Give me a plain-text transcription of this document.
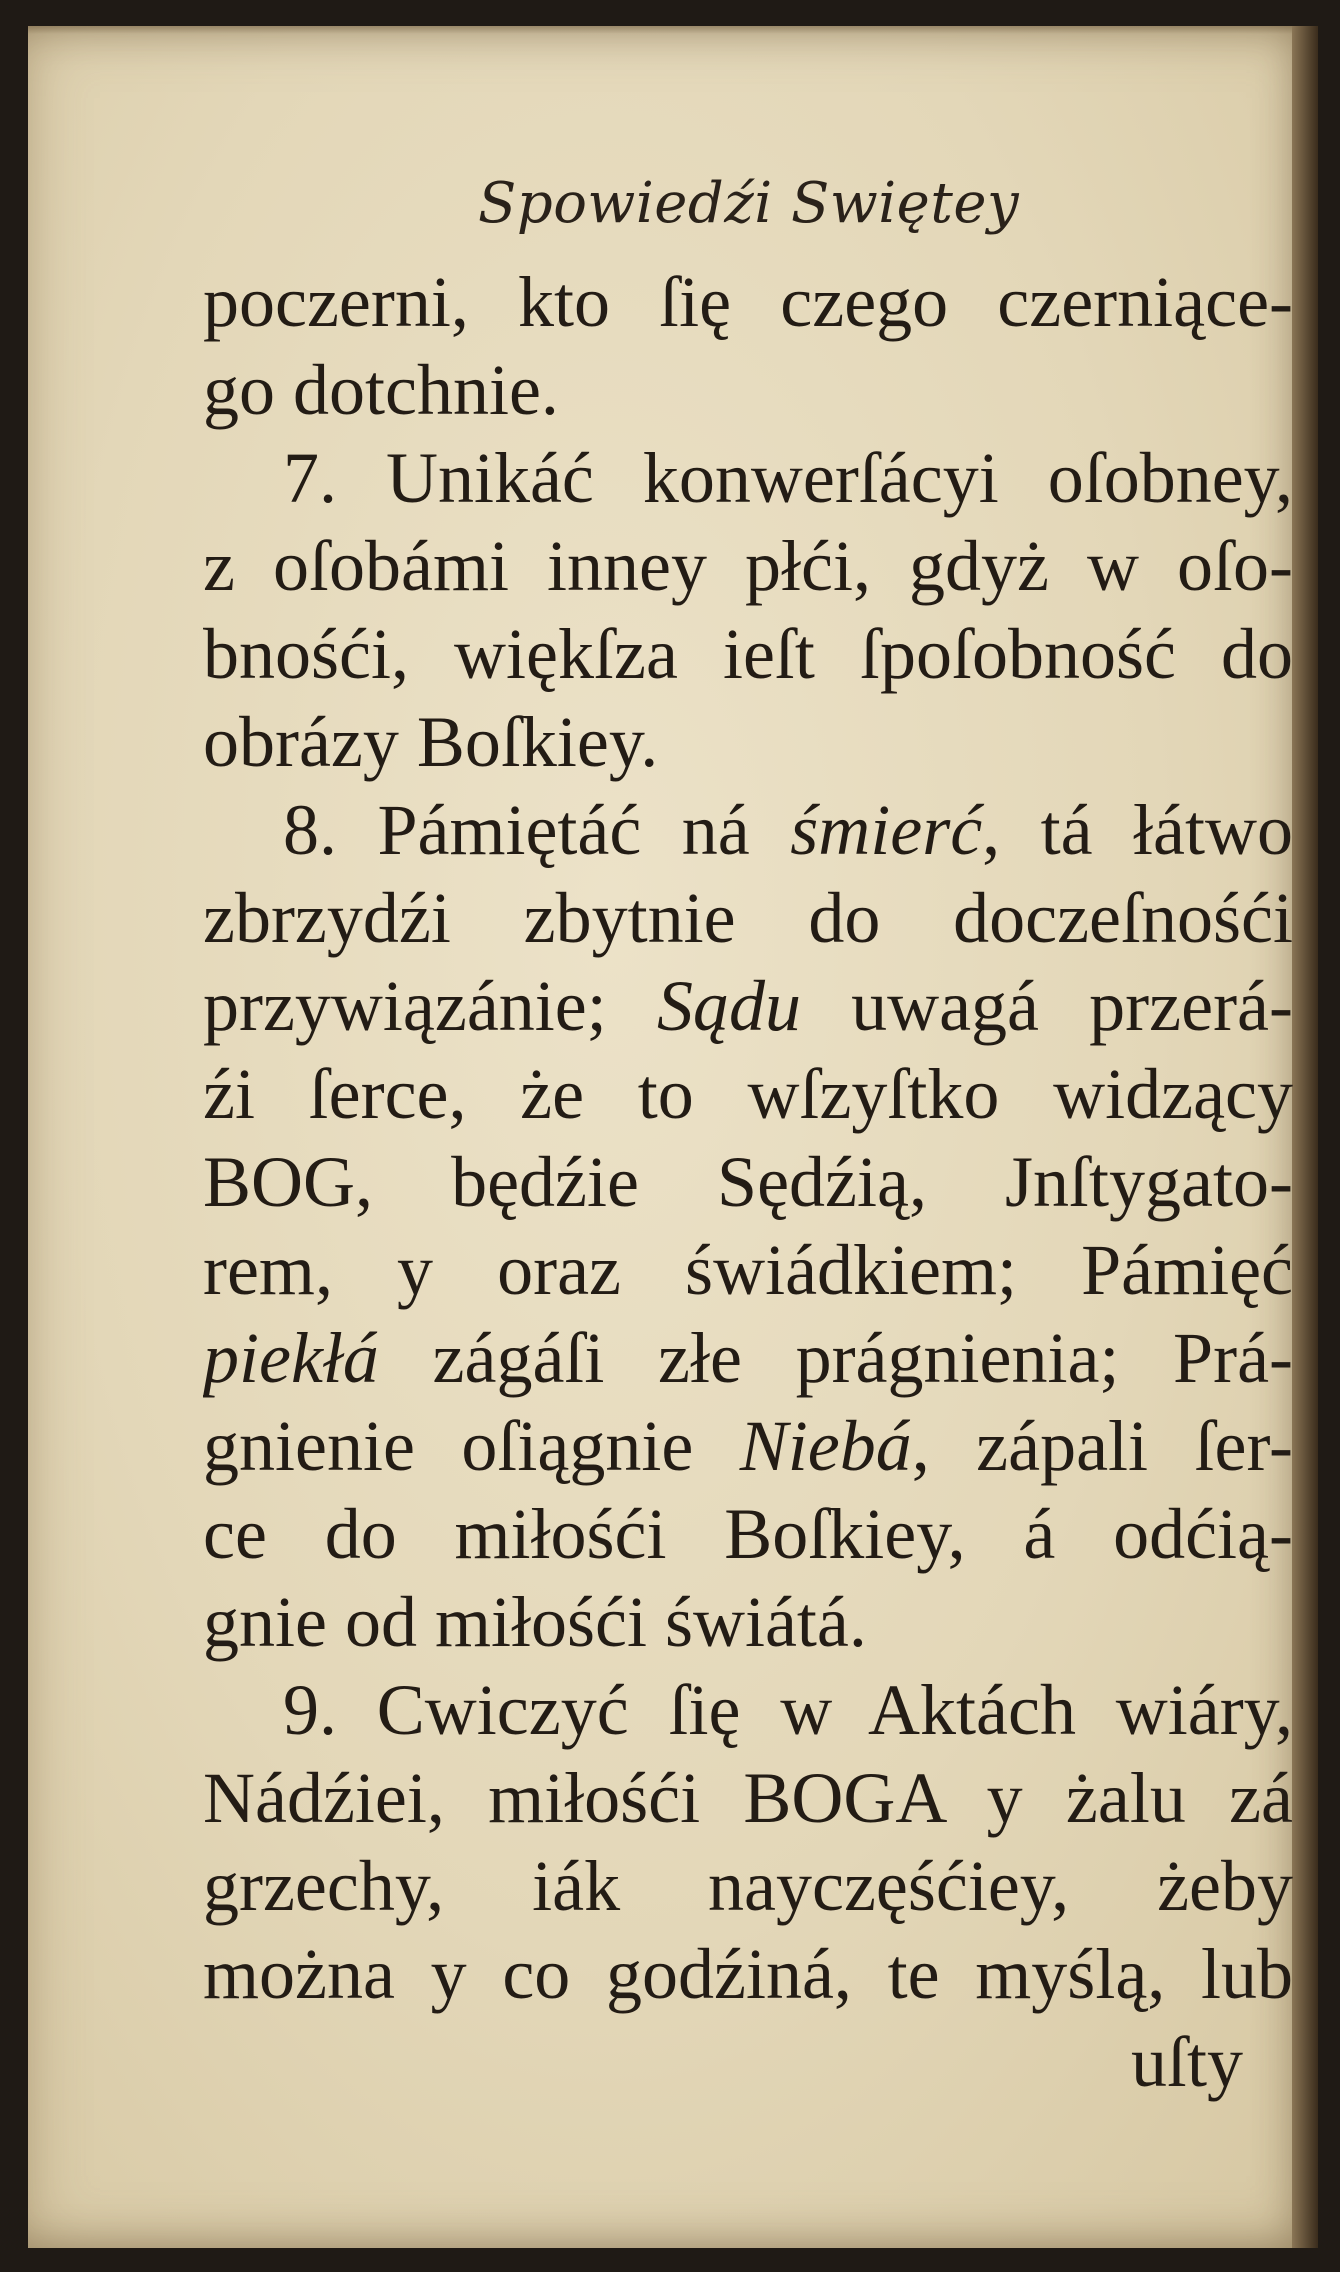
Spowiedźi Swiętey
poczerni, kto ſię czego czerniące-
go dotchnie.
7. Unikáć konwerſácyi oſobney,
z oſobámi inney płći, gdyż w oſo-
bnośći, więkſza ieſt ſpoſobność do
obrázy Boſkiey.
8. Pámiętáć ná śmierć, tá łátwo
zbrzydźi zbytnie do doczeſnośći
przywiązánie; Sądu uwagá przerá-
źi ſerce, że to wſzyſtko widzący
BOG, będźie Sędźią, Jnſtygato-
rem, y oraz świádkiem; Pámięć
piekłá zágáſi złe prágnienia; Prá-
gnienie oſiągnie Niebá, zápali ſer-
ce do miłośći Boſkiey, á odćią-
gnie od miłośći świátá.
9. Cwiczyć ſię w Aktách wiáry,
Nádźiei, miłośći BOGA y żalu zá
grzechy, iák nayczęśćiey, żeby
można y co godźiná, te myślą, lub
uſty
